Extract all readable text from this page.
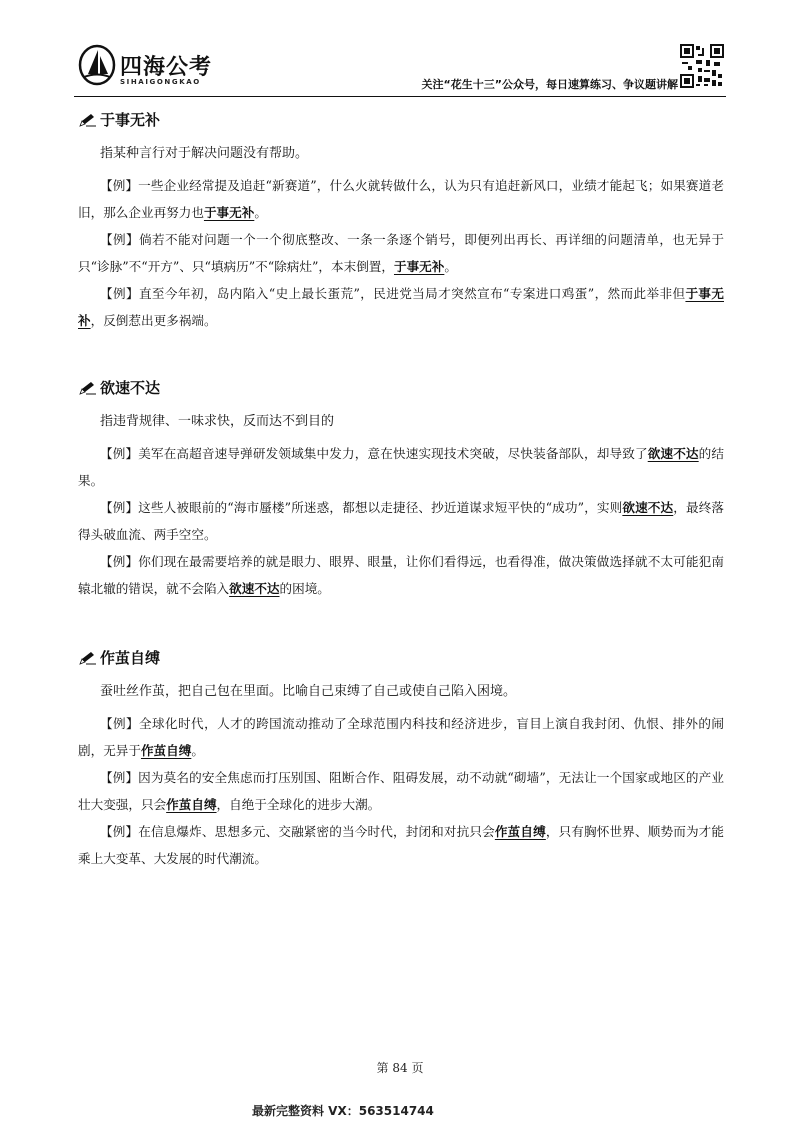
四海公考
SIHAIGONGKAO	关注“花生十三”公众号，每日速算练习、争议题讲解
于事无补

指某种言行对于解决问题没有帮助。

【例】一些企业经常提及追赶“新赛道”，什么火就转做什么，认为只有追赶新风口，业绩才能起飞；如果赛道老旧，那么企业再努力也于事无补。

【例】倘若不能对问题一个一个彻底整改、一条一条逐个销号，即便列出再长、再详细的问题清单，也无异于只“诊脉”不“开方”、只“填病历”不“除病灶”，本末倒置，于事无补。

【例】直至今年初，岛内陷入“史上最长蛋荒”，民进党当局才突然宣布“专案进口鸡蛋”，然而此举非但于事无补，反倒惹出更多祸端。

欲速不达

指违背规律、一味求快，反而达不到目的

【例】美军在高超音速导弹研发领域集中发力，意在快速实现技术突破，尽快装备部队，却导致了欲速不达的结果。

【例】这些人被眼前的“海市蜃楼”所迷惑，都想以走捷径、抄近道谋求短平快的“成功”，实则欲速不达，最终落得头破血流、两手空空。

【例】你们现在最需要培养的就是眼力、眼界、眼量，让你们看得远，也看得准，做决策做选择就不太可能犯南辕北辙的错误，就不会陷入欲速不达的困境。

作茧自缚

蚕吐丝作茧，把自己包在里面。比喻自己束缚了自己或使自己陷入困境。

【例】全球化时代，人才的跨国流动推动了全球范围内科技和经济进步，盲目上演自我封闭、仇恨、排外的闹剧，无异于作茧自缚。

【例】因为莫名的安全焦虑而打压别国、阻断合作、阻碍发展，动不动就“砌墙”，无法让一个国家或地区的产业壮大变强，只会作茧自缚，自绝于全球化的进步大潮。

【例】在信息爆炸、思想多元、交融紧密的当今时代，封闭和对抗只会作茧自缚，只有胸怀世界、顺势而为才能乘上大变革、大发展的时代潮流。

第 84 页
最新完整资料 VX：563514744
